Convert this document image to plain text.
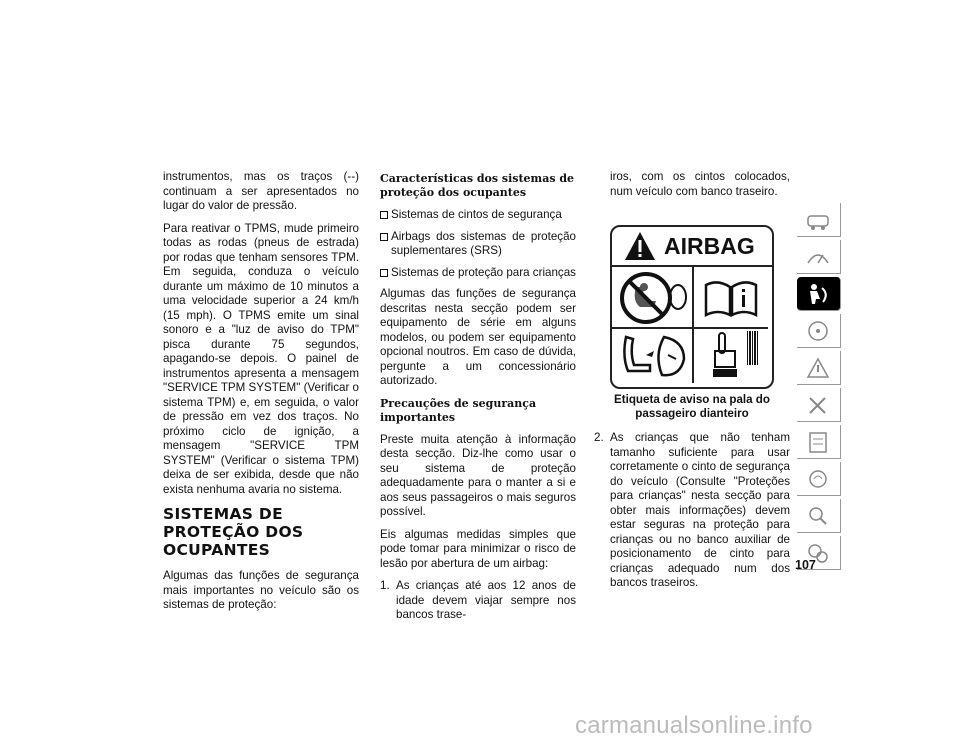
instrumentos, mas os traços (--) continuam a ser apresentados no lugar do valor de pressão.

Para reativar o TPMS, mude primeiro todas as rodas (pneus de estrada) por rodas que tenham sensores TPM. Em seguida, conduza o veículo durante um máximo de 10 minutos a uma velocidade superior a 24 km/h (15 mph). O TPMS emite um sinal sonoro e a "luz de aviso do TPM" pisca durante 75 segundos, apagando-se depois. O painel de instrumentos apresenta a mensagem "SERVICE TPM SYSTEM" (Verificar o sistema TPM) e, em seguida, o valor de pressão em vez dos traços. No próximo ciclo de ignição, a mensagem "SERVICE TPM SYSTEM" (Verificar o sistema TPM) deixa de ser exibida, desde que não exista nenhuma avaria no sistema.

SISTEMAS DE PROTEÇÃO DOS OCUPANTES

Algumas das funções de segurança mais importantes no veículo são os sistemas de proteção:

Características dos sistemas de proteção dos ocupantes
Sistemas de cintos de segurança
Airbags dos sistemas de proteção suplementares (SRS)
Sistemas de proteção para crianças

Algumas das funções de segurança descritas nesta secção podem ser equipamento de série em alguns modelos, ou podem ser equipamento opcional noutros. Em caso de dúvida, pergunte a um concessionário autorizado.

Precauções de segurança importantes

Preste muita atenção à informação desta secção. Diz-lhe como usar o seu sistema de proteção adequadamente para o manter a si e aos seus passageiros o mais seguros possível.

Eis algumas medidas simples que pode tomar para minimizar o risco de lesão por abertura de um airbag:

1. As crianças até aos 12 anos de idade devem viajar sempre nos bancos trase-
iros, com os cintos colocados, num veículo com banco traseiro.
AIRBAG
Etiqueta de aviso na pala do passageiro dianteiro
2. As crianças que não tenham tamanho suficiente para usar corretamente o cinto de segurança do veículo (Consulte "Proteções para crianças" nesta secção para obter mais informações) devem estar seguras na proteção para crianças ou no banco auxiliar de posicionamento de cinto para crianças adequado num dos bancos traseiros.
107
carmanualsonline.info
